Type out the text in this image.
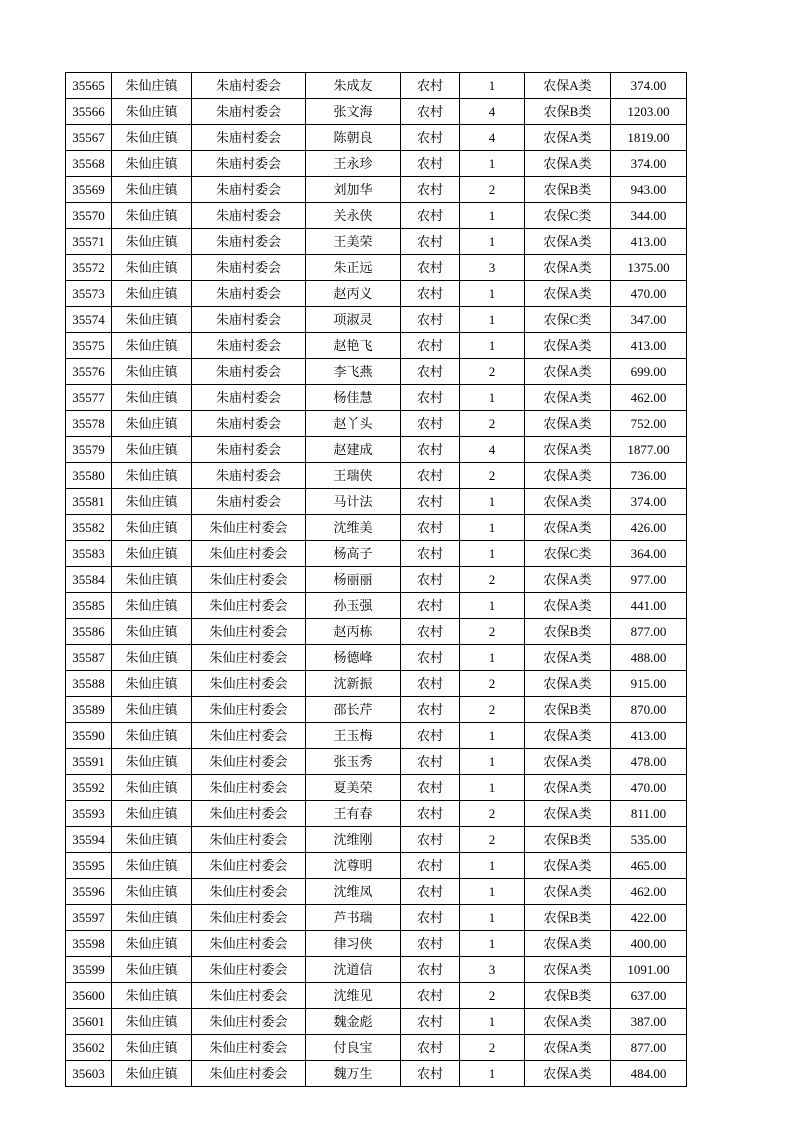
35565	朱仙庄镇	朱庙村委会	朱成友	农村	1	农保A类	374.00
35566	朱仙庄镇	朱庙村委会	张文海	农村	4	农保B类	1203.00
35567	朱仙庄镇	朱庙村委会	陈朝良	农村	4	农保A类	1819.00
35568	朱仙庄镇	朱庙村委会	王永珍	农村	1	农保A类	374.00
35569	朱仙庄镇	朱庙村委会	刘加华	农村	2	农保B类	943.00
35570	朱仙庄镇	朱庙村委会	关永侠	农村	1	农保C类	344.00
35571	朱仙庄镇	朱庙村委会	王美荣	农村	1	农保A类	413.00
35572	朱仙庄镇	朱庙村委会	朱正远	农村	3	农保A类	1375.00
35573	朱仙庄镇	朱庙村委会	赵丙义	农村	1	农保A类	470.00
35574	朱仙庄镇	朱庙村委会	项淑灵	农村	1	农保C类	347.00
35575	朱仙庄镇	朱庙村委会	赵艳飞	农村	1	农保A类	413.00
35576	朱仙庄镇	朱庙村委会	李飞燕	农村	2	农保A类	699.00
35577	朱仙庄镇	朱庙村委会	杨佳慧	农村	1	农保A类	462.00
35578	朱仙庄镇	朱庙村委会	赵丫头	农村	2	农保A类	752.00
35579	朱仙庄镇	朱庙村委会	赵建成	农村	4	农保A类	1877.00
35580	朱仙庄镇	朱庙村委会	王瑞侠	农村	2	农保A类	736.00
35581	朱仙庄镇	朱庙村委会	马计法	农村	1	农保A类	374.00
35582	朱仙庄镇	朱仙庄村委会	沈维美	农村	1	农保A类	426.00
35583	朱仙庄镇	朱仙庄村委会	杨高子	农村	1	农保C类	364.00
35584	朱仙庄镇	朱仙庄村委会	杨丽丽	农村	2	农保A类	977.00
35585	朱仙庄镇	朱仙庄村委会	孙玉强	农村	1	农保A类	441.00
35586	朱仙庄镇	朱仙庄村委会	赵丙栋	农村	2	农保B类	877.00
35587	朱仙庄镇	朱仙庄村委会	杨德峰	农村	1	农保A类	488.00
35588	朱仙庄镇	朱仙庄村委会	沈新振	农村	2	农保A类	915.00
35589	朱仙庄镇	朱仙庄村委会	邵长芹	农村	2	农保B类	870.00
35590	朱仙庄镇	朱仙庄村委会	王玉梅	农村	1	农保A类	413.00
35591	朱仙庄镇	朱仙庄村委会	张玉秀	农村	1	农保A类	478.00
35592	朱仙庄镇	朱仙庄村委会	夏美荣	农村	1	农保A类	470.00
35593	朱仙庄镇	朱仙庄村委会	王有春	农村	2	农保A类	811.00
35594	朱仙庄镇	朱仙庄村委会	沈维刚	农村	2	农保B类	535.00
35595	朱仙庄镇	朱仙庄村委会	沈尊明	农村	1	农保A类	465.00
35596	朱仙庄镇	朱仙庄村委会	沈维凤	农村	1	农保A类	462.00
35597	朱仙庄镇	朱仙庄村委会	芦书瑞	农村	1	农保B类	422.00
35598	朱仙庄镇	朱仙庄村委会	律习侠	农村	1	农保A类	400.00
35599	朱仙庄镇	朱仙庄村委会	沈道信	农村	3	农保A类	1091.00
35600	朱仙庄镇	朱仙庄村委会	沈维见	农村	2	农保B类	637.00
35601	朱仙庄镇	朱仙庄村委会	魏金彪	农村	1	农保A类	387.00
35602	朱仙庄镇	朱仙庄村委会	付良宝	农村	2	农保A类	877.00
35603	朱仙庄镇	朱仙庄村委会	魏万生	农村	1	农保A类	484.00
